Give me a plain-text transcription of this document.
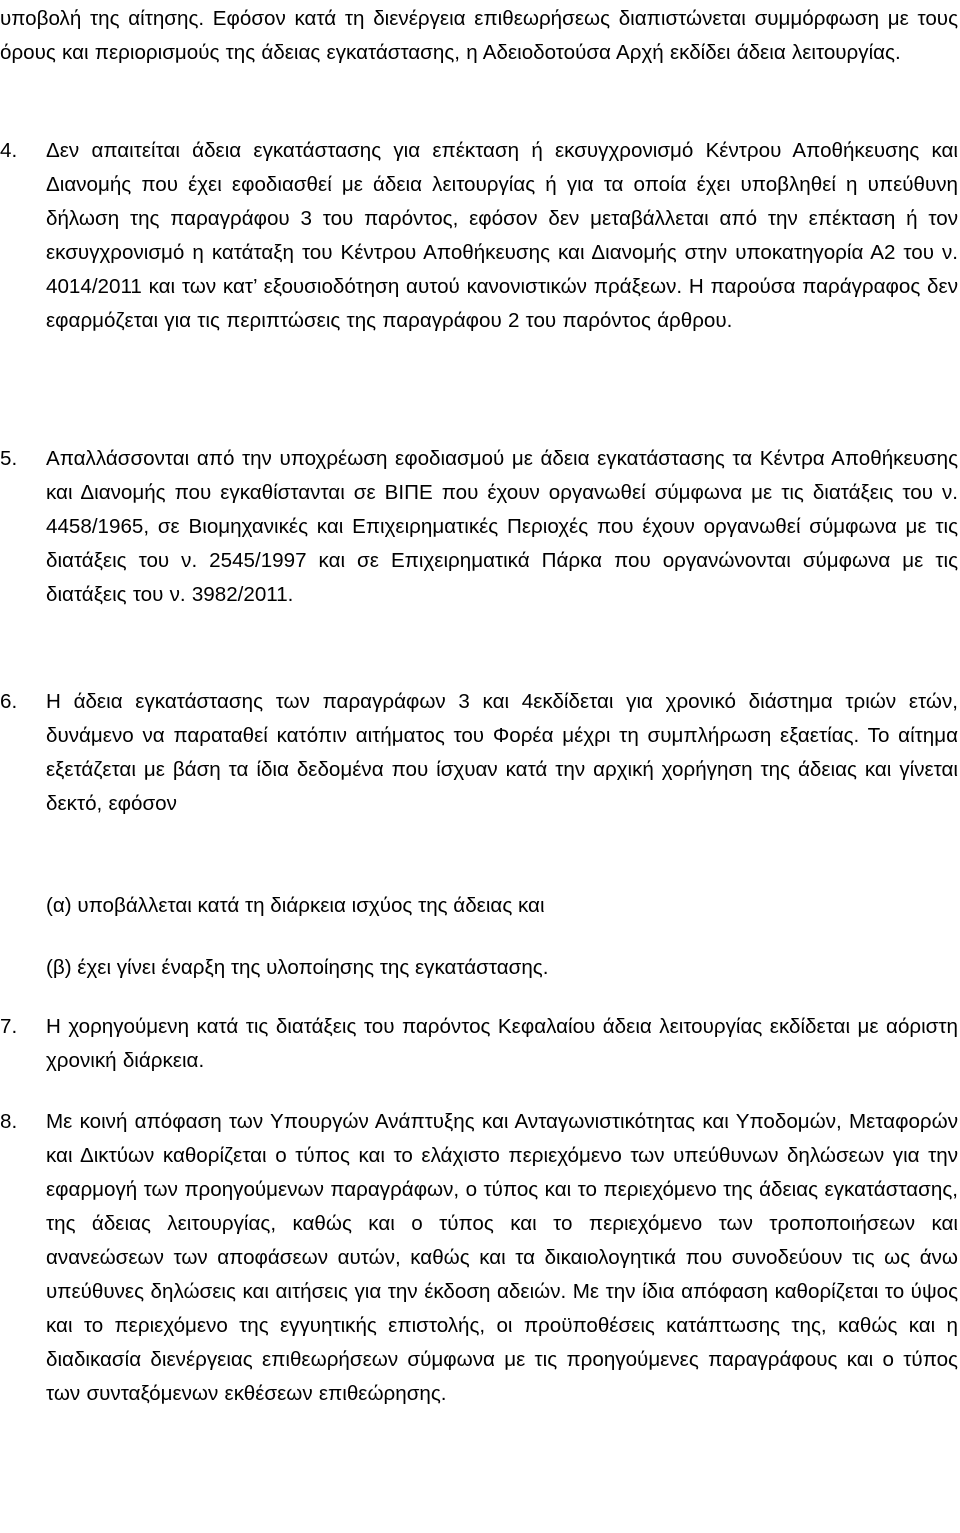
υποβολή της αίτησης. Εφόσον κατά τη διενέργεια επιθεωρήσεως διαπιστώνεται συμμόρφωση με τους όρους και περιορισμούς της άδειας εγκατάστασης, η Αδειοδοτούσα Αρχή εκδίδει άδεια λειτουργίας.

4.	Δεν απαιτείται άδεια εγκατάστασης για επέκταση ή εκσυγχρονισμό Κέντρου Αποθήκευσης και Διανομής που έχει εφοδιασθεί με άδεια λειτουργίας ή για τα οποία έχει υποβληθεί η υπεύθυνη δήλωση της παραγράφου 3 του παρόντος, εφόσον δεν μεταβάλλεται από την επέκταση ή τον εκσυγχρονισμό η κατάταξη του Κέντρου Αποθήκευσης και Διανομής στην υποκατηγορία Α2 του ν. 4014/2011 και των κατ’ εξουσιοδότηση αυτού κανονιστικών πράξεων. Η παρούσα παράγραφος δεν εφαρμόζεται για τις περιπτώσεις της παραγράφου 2 του παρόντος άρθρου.
5.	Απαλλάσσονται από την υποχρέωση εφοδιασμού με άδεια εγκατάστασης τα Κέντρα Αποθήκευσης και Διανομής που εγκαθίστανται σε ΒΙΠΕ που έχουν οργανωθεί σύμφωνα με τις διατάξεις του ν. 4458/1965, σε Βιομηχανικές και Επιχειρηματικές Περιοχές που έχουν οργανωθεί σύμφωνα με τις διατάξεις του ν. 2545/1997 και σε Επιχειρηματικά Πάρκα που οργανώνονται σύμφωνα με τις διατάξεις του ν. 3982/2011.
6.	Η άδεια εγκατάστασης των παραγράφων 3 και 4εκδίδεται για χρονικό διάστημα τριών ετών, δυνάμενο να παραταθεί κατόπιν αιτήματος του Φορέα μέχρι τη συμπλήρωση εξαετίας. Το αίτημα εξετάζεται με βάση τα ίδια δεδομένα που ίσχυαν κατά την αρχική χορήγηση της άδειας και γίνεται δεκτό, εφόσον

(α) υποβάλλεται κατά τη διάρκεια ισχύος της άδειας και

(β) έχει γίνει έναρξη της υλοποίησης της εγκατάστασης.

7.	Η χορηγούμενη κατά τις διατάξεις του παρόντος Κεφαλαίου άδεια λειτουργίας εκδίδεται με αόριστη χρονική διάρκεια.
8.	Με κοινή απόφαση των Υπουργών Ανάπτυξης και Ανταγωνιστικότητας και Υποδομών, Μεταφορών και Δικτύων καθορίζεται ο τύπος και το ελάχιστο περιεχόμενο των υπεύθυνων δηλώσεων για την εφαρμογή των προηγούμενων παραγράφων, ο τύπος και το περιεχόμενο της άδειας εγκατάστασης, της άδειας λειτουργίας, καθώς και ο τύπος και το περιεχόμενο των τροποποιήσεων και ανανεώσεων των αποφάσεων αυτών, καθώς και τα δικαιολογητικά που συνοδεύουν τις ως άνω υπεύθυνες δηλώσεις και αιτήσεις για την έκδοση αδειών. Με την ίδια απόφαση καθορίζεται το ύψος και το περιεχόμενο της εγγυητικής επιστολής, οι προϋποθέσεις κατάπτωσης της, καθώς και η διαδικασία διενέργειας επιθεωρήσεων σύμφωνα με τις προηγούμενες παραγράφους και ο τύπος των συνταξόμενων εκθέσεων επιθεώρησης.
